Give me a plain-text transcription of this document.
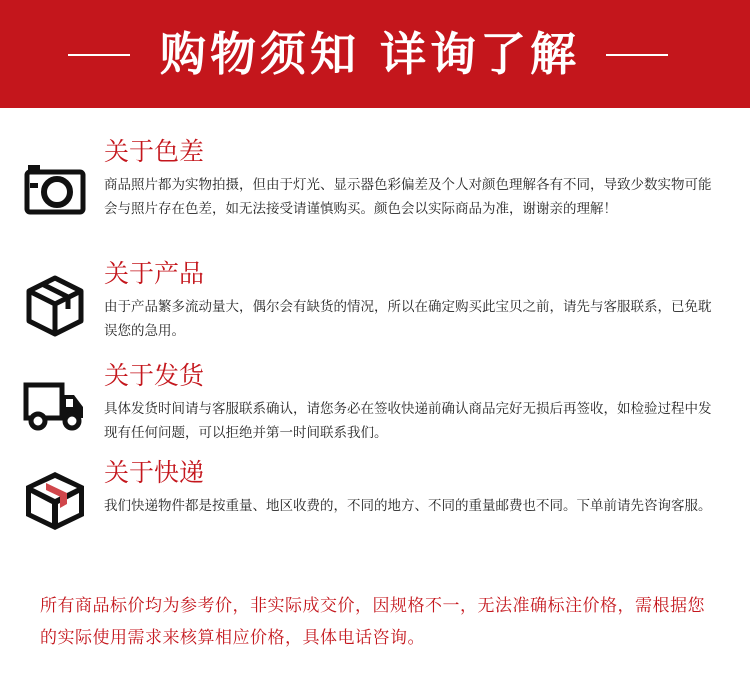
购物须知 详询了解
关于色差
商品照片都为实物拍摄，但由于灯光、显示器色彩偏差及个人对颜色理解各有不同，导致少数实物可能会与照片存在色差，如无法接受请谨慎购买。颜色会以实际商品为准，谢谢亲的理解！
关于产品
由于产品繁多流动量大，偶尔会有缺货的情况，所以在确定购买此宝贝之前，请先与客服联系，已免耽误您的急用。
关于发货
具体发货时间请与客服联系确认，请您务必在签收快递前确认商品完好无损后再签收，如检验过程中发现有任何问题，可以拒绝并第一时间联系我们。
关于快递
我们快递物件都是按重量、地区收费的，不同的地方、不同的重量邮费也不同。下单前请先咨询客服。
所有商品标价均为参考价，非实际成交价，因规格不一，无法准确标注价格，需根据您的实际使用需求来核算相应价格，具体电话咨询。
